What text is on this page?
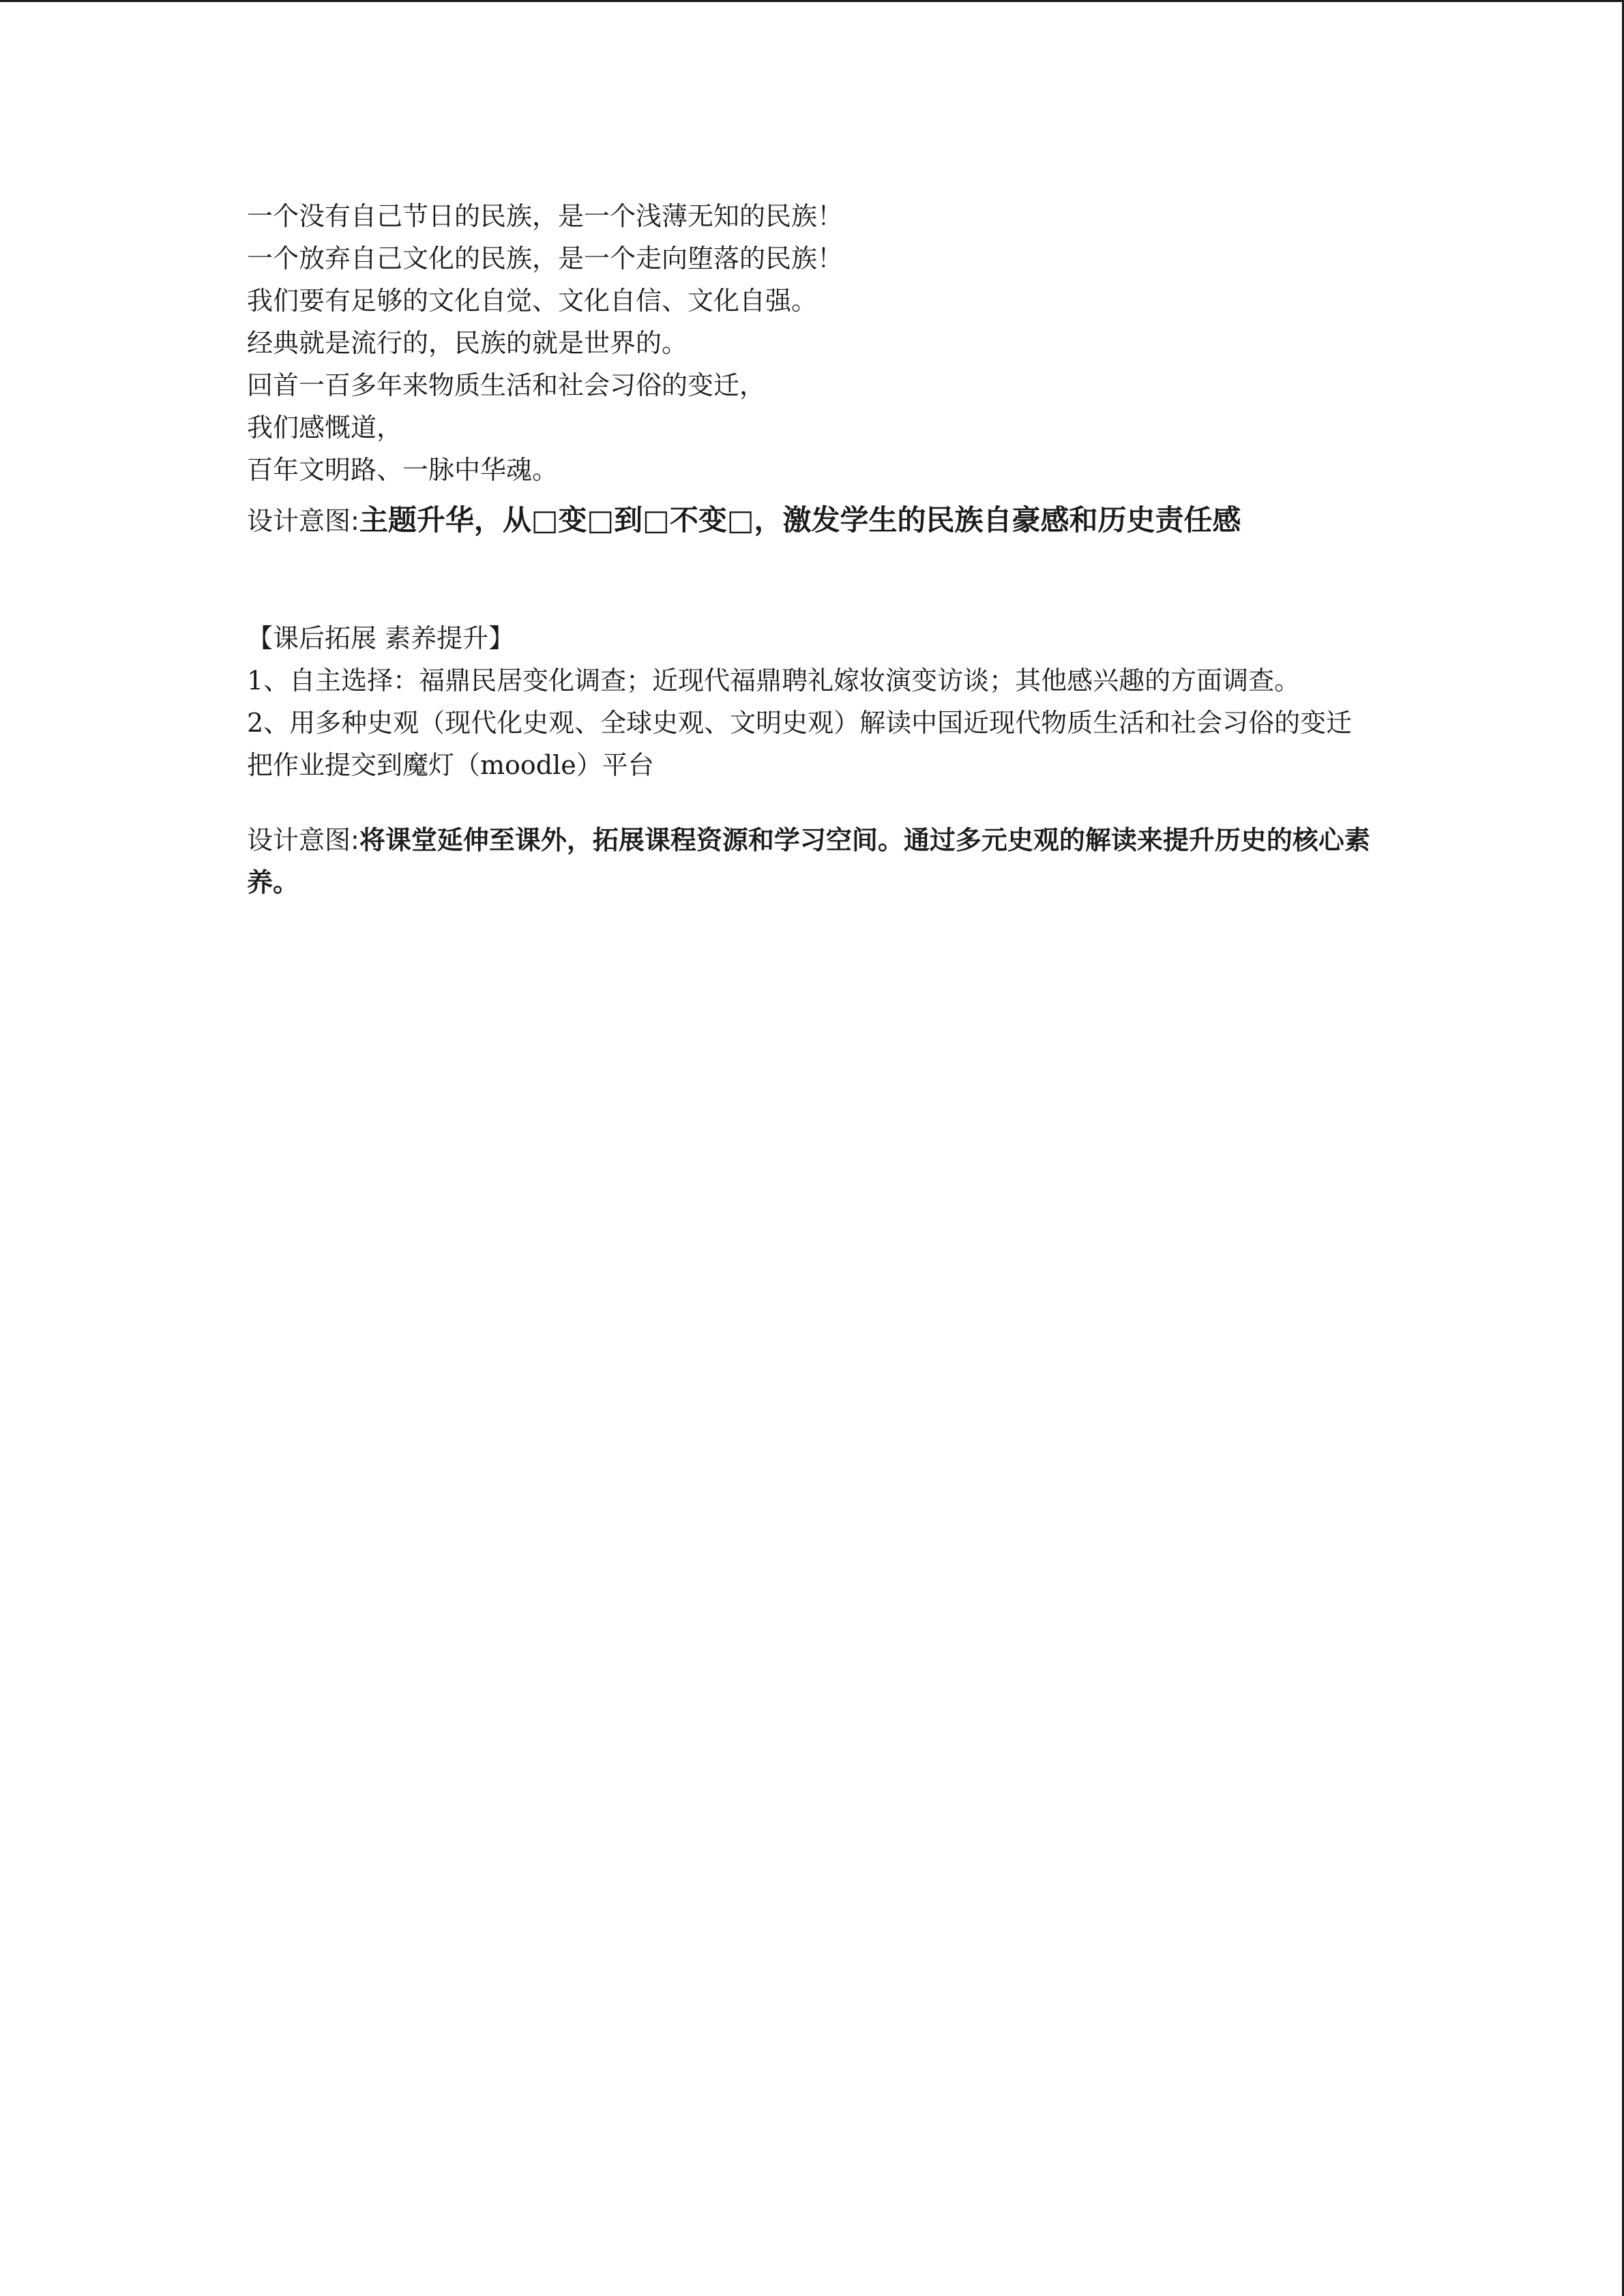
一个没有自己节日的民族，是一个浅薄无知的民族！
一个放弃自己文化的民族，是一个走向堕落的民族！
我们要有足够的文化自觉、文化自信、文化自强。
经典就是流行的，民族的就是世界的。
回首一百多年来物质生活和社会习俗的变迁，
我们感慨道，
百年文明路、一脉中华魂。
设计意图:主题升华，从□变□到□不变□，激发学生的民族自豪感和历史责任感
【课后拓展 素养提升】
1、自主选择：福鼎民居变化调查；近现代福鼎聘礼嫁妆演变访谈；其他感兴趣的方面调查。
2、用多种史观（现代化史观、全球史观、文明史观）解读中国近现代物质生活和社会习俗的变迁
把作业提交到魔灯（moodle）平台
设计意图:将课堂延伸至课外，拓展课程资源和学习空间。通过多元史观的解读来提升历史的核心素养。
